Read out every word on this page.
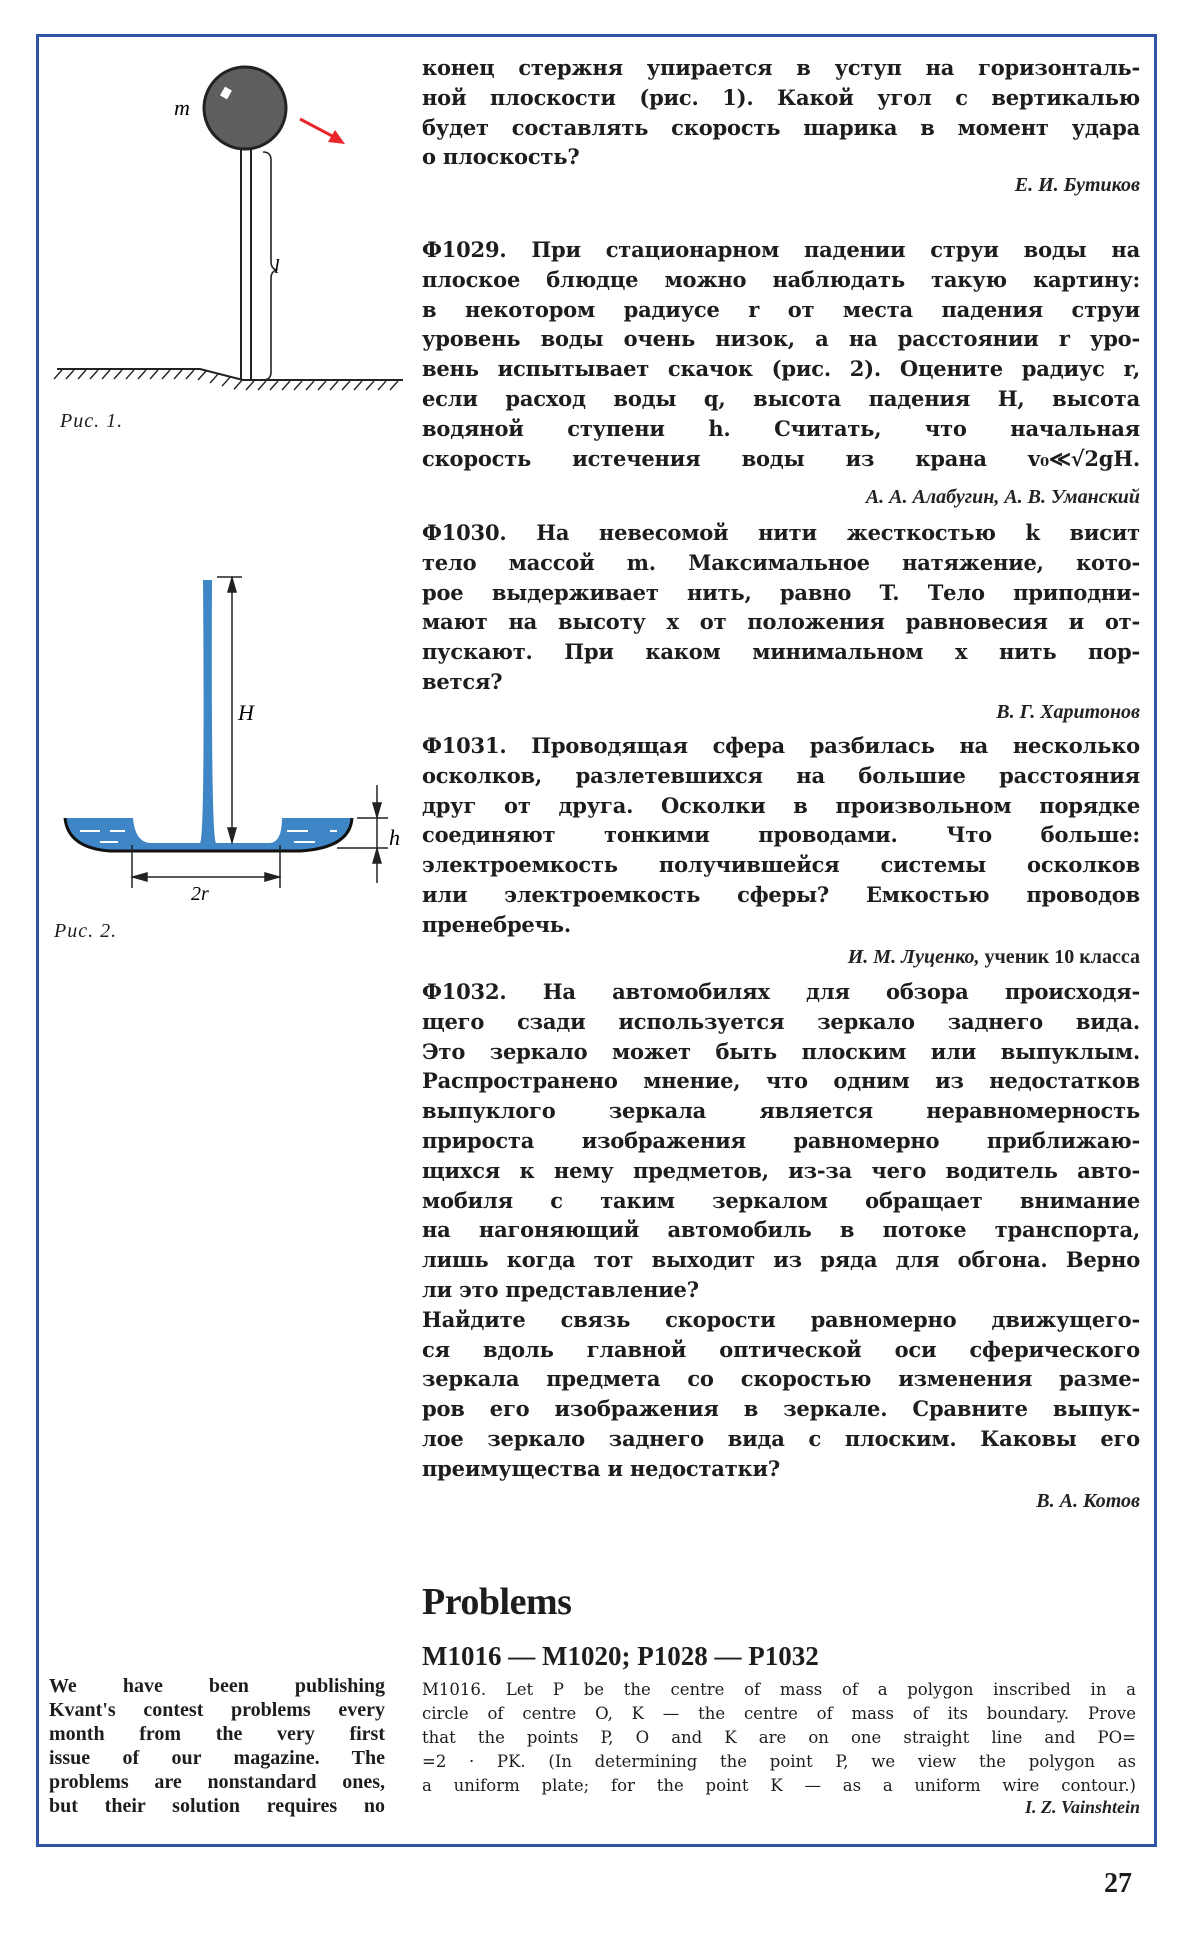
m
l
Рис. 1.
H
h
2r
Рис. 2.
конец стержня упирается в уступ на горизонталь-
ной плоскости (рис. 1). Какой угол с вертикалью
будет составлять скорость шарика в момент удара
о плоскость?
Е. И. Бутиков
Ф1029. При стационарном падении струи воды на
плоское блюдце можно наблюдать такую картину:
в некотором радиусе r от места падения струи
уровень воды очень низок, а на расстоянии r уро-
вень испытывает скачок (рис. 2). Оцените радиус r,
если расход воды q, высота падения H, высота
водяной ступени h. Считать, что начальная
скорость истечения воды из крана v₀≪√2gH.
А. А. Алабугин, А. В. Уманский
Ф1030. На невесомой нити жесткостью k висит
тело массой m. Максимальное натяжение, кото-
рое выдерживает нить, равно T. Тело приподни-
мают на высоту x от положения равновесия и от-
пускают. При каком минимальном x нить пор-
вется?
В. Г. Харитонов
Ф1031. Проводящая сфера разбилась на несколько
осколков, разлетевшихся на большие расстояния
друг от друга. Осколки в произвольном порядке
соединяют тонкими проводами. Что больше:
электроемкость получившейся системы осколков
или электроемкость сферы? Емкостью проводов
пренебречь.
И. М. Луценко, ученик 10 класса
Ф1032. На автомобилях для обзора происходя-
щего сзади используется зеркало заднего вида.
Это зеркало может быть плоским или выпуклым.
Распространено мнение, что одним из недостатков
выпуклого зеркала является неравномерность
прироста изображения равномерно приближаю-
щихся к нему предметов, из-за чего водитель авто-
мобиля с таким зеркалом обращает внимание
на нагоняющий автомобиль в потоке транспорта,
лишь когда тот выходит из ряда для обгона. Верно
ли это представление?
Найдите связь скорости равномерно движущего-
ся вдоль главной оптической оси сферического
зеркала предмета со скоростью изменения разме-
ров его изображения в зеркале. Сравните выпук-
лое зеркало заднего вида с плоским. Каковы его
преимущества и недостатки?
В. А. Котов
Problems
M1016 — M1020; P1028 — P1032
We have been publishing
Kvant's contest problems every
month from the very first
issue of our magazine. The
problems are nonstandard ones,
but their solution requires no
M1016. Let P be the centre of mass of a polygon inscribed in a
circle of centre O, K — the centre of mass of its boundary. Prove
that the points P, O and K are on one straight line and PO=
=2 · PK. (In determining the point P, we view the polygon as
a uniform plate; for the point K — as a uniform wire contour.)
I. Z. Vainshtein
27
